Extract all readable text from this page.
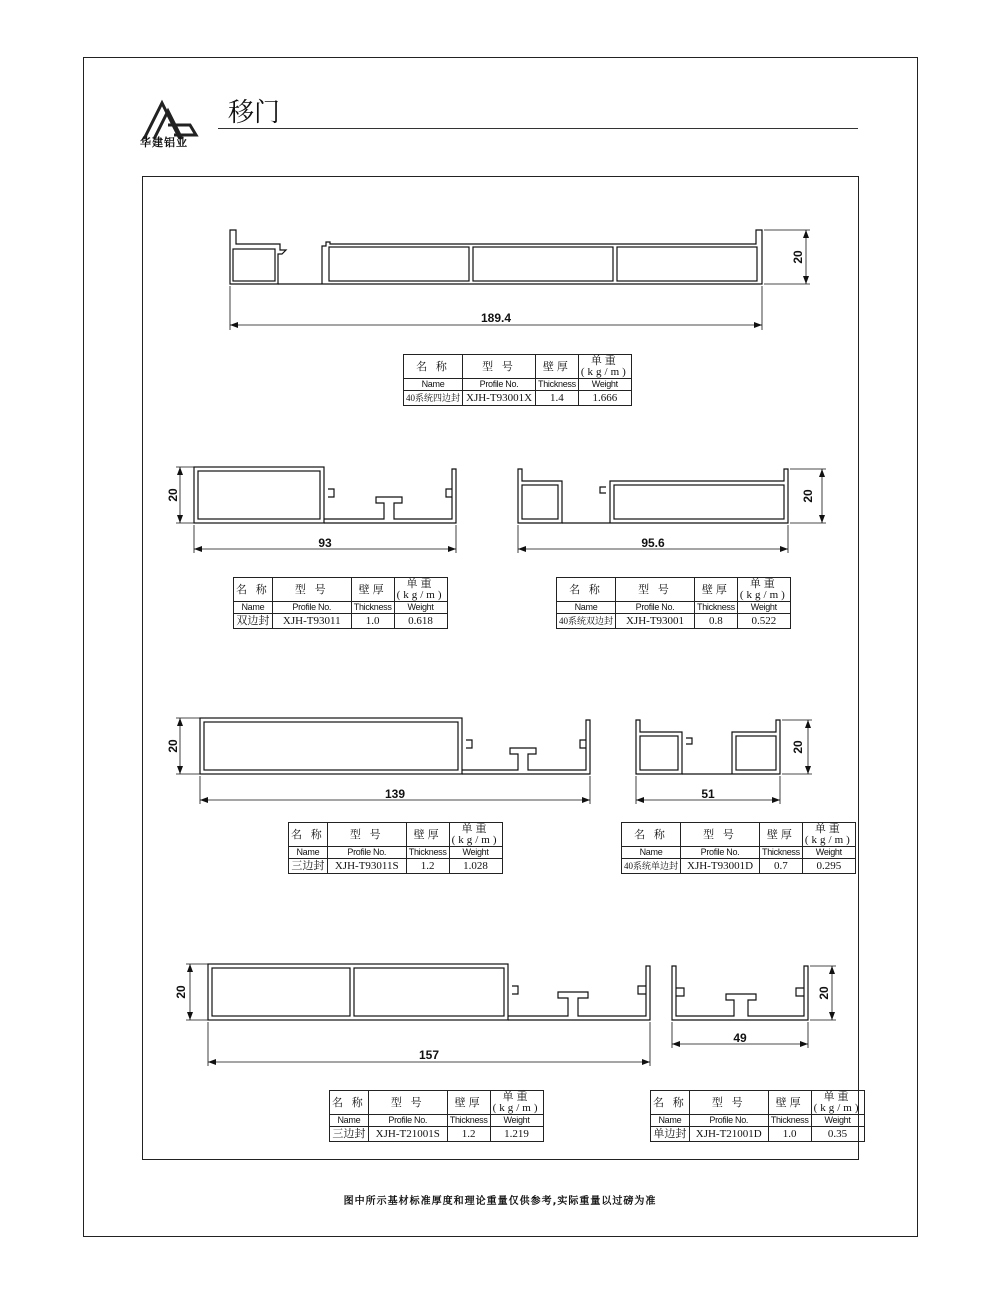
华建铝业
移门
189.4
20
93
20
95.6
20
139
20
51
20
157
20
49
20
名 称	型 号	壁厚	单重(kg/m)
Name	Profile No.	Thickness	Weight
40系统四边封	XJH-T93001X	1.4	1.666
名 称	型 号	壁厚	单重(kg/m)
Name	Profile No.	Thickness	Weight
双边封	XJH-T93011	1.0	0.618
名 称	型 号	壁厚	单重(kg/m)
Name	Profile No.	Thickness	Weight
40系统双边封	XJH-T93001	0.8	0.522
名 称	型 号	壁厚	单重(kg/m)
Name	Profile No.	Thickness	Weight
三边封	XJH-T93011S	1.2	1.028
名 称	型 号	壁厚	单重(kg/m)
Name	Profile No.	Thickness	Weight
40系统单边封	XJH-T93001D	0.7	0.295
名 称	型 号	壁厚	单重(kg/m)
Name	Profile No.	Thickness	Weight
三边封	XJH-T21001S	1.2	1.219
名 称	型 号	壁厚	单重(kg/m)
Name	Profile No.	Thickness	Weight
单边封	XJH-T21001D	1.0	0.35
图中所示基材标准厚度和理论重量仅供参考,实际重量以过磅为准
